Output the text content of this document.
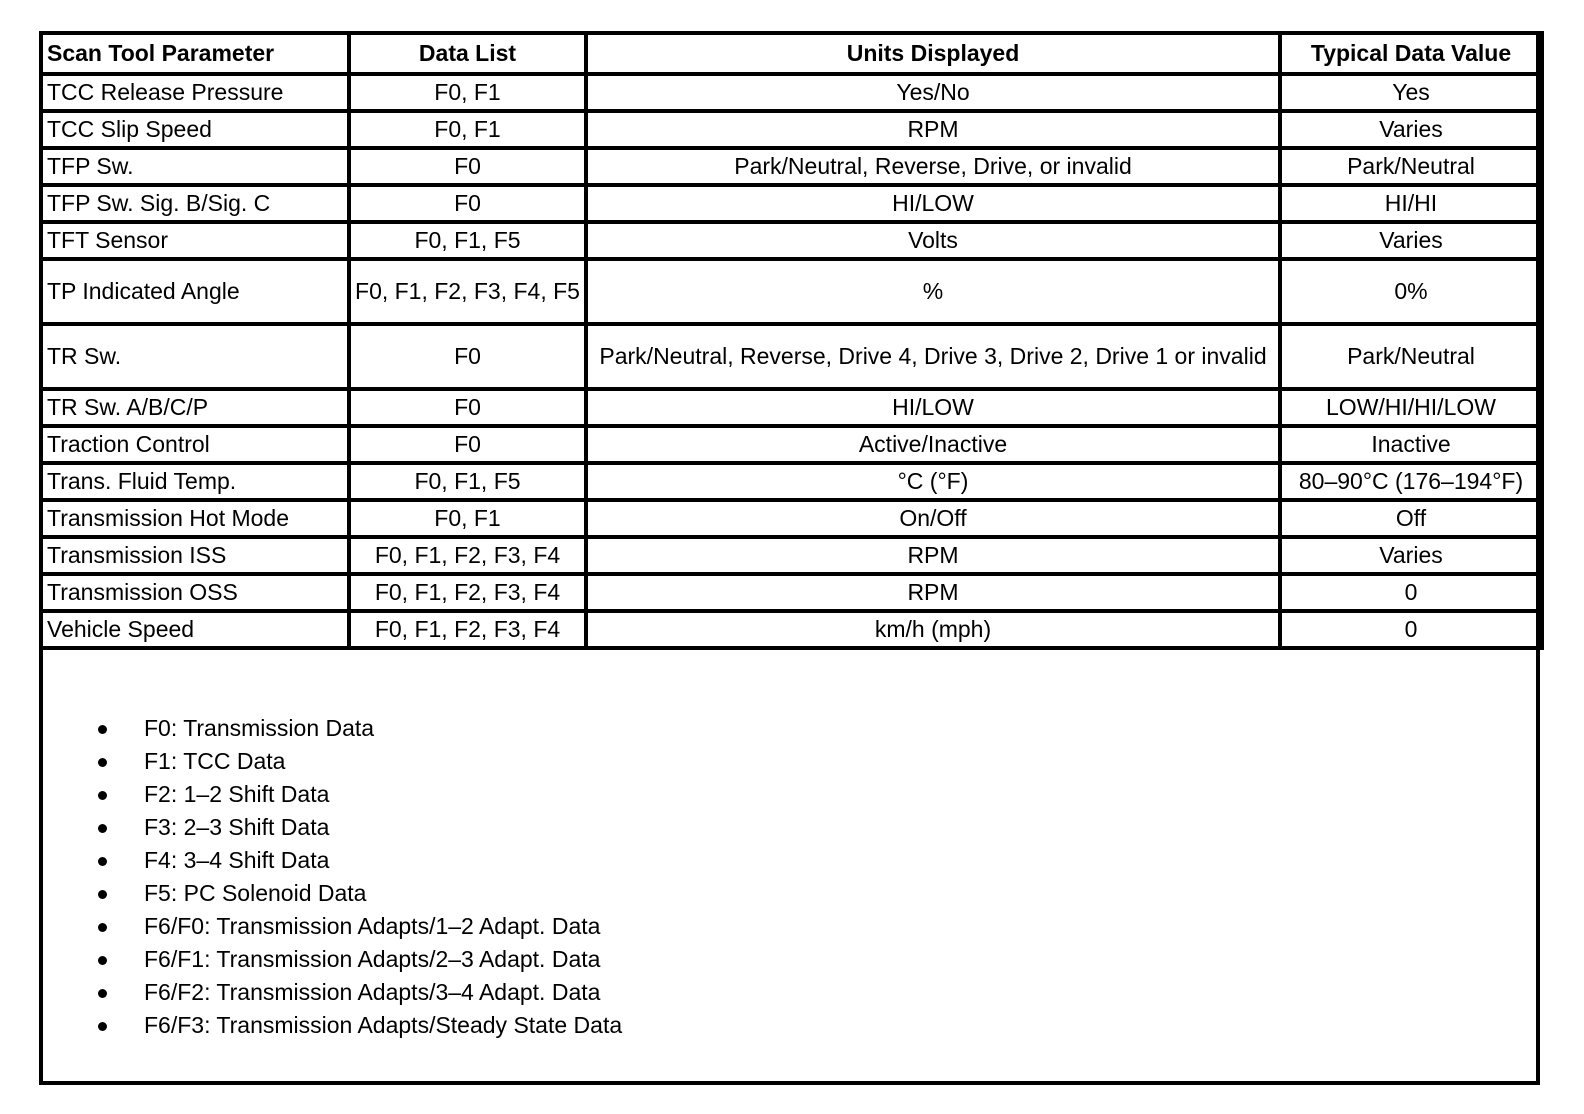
Scan Tool Parameter	Data List	Units Displayed	Typical Data Value
TCC Release Pressure	F0, F1	Yes/No	Yes
TCC Slip Speed	F0, F1	RPM	Varies
TFP Sw.	F0	Park/Neutral, Reverse, Drive, or invalid	Park/Neutral
TFP Sw. Sig. B/Sig. C	F0	HI/LOW	HI/HI
TFT Sensor	F0, F1, F5	Volts	Varies
TP Indicated Angle	F0, F1, F2, F3, F4, F5	%	0%
TR Sw.	F0	Park/Neutral, Reverse, Drive 4, Drive 3, Drive 2, Drive 1 or invalid	Park/Neutral
TR Sw. A/B/C/P	F0	HI/LOW	LOW/HI/HI/LOW
Traction Control	F0	Active/Inactive	Inactive
Trans. Fluid Temp.	F0, F1, F5	°C (°F)	80–90°C (176–194°F)
Transmission Hot Mode	F0, F1	On/Off	Off
Transmission ISS	F0, F1, F2, F3, F4	RPM	Varies
Transmission OSS	F0, F1, F2, F3, F4	RPM	0
Vehicle Speed	F0, F1, F2, F3, F4	km/h (mph)	0
F0: Transmission Data
F1: TCC Data
F2: 1–2 Shift Data
F3: 2–3 Shift Data
F4: 3–4 Shift Data
F5: PC Solenoid Data
F6/F0: Transmission Adapts/1–2 Adapt. Data
F6/F1: Transmission Adapts/2–3 Adapt. Data
F6/F2: Transmission Adapts/3–4 Adapt. Data
F6/F3: Transmission Adapts/Steady State Data
